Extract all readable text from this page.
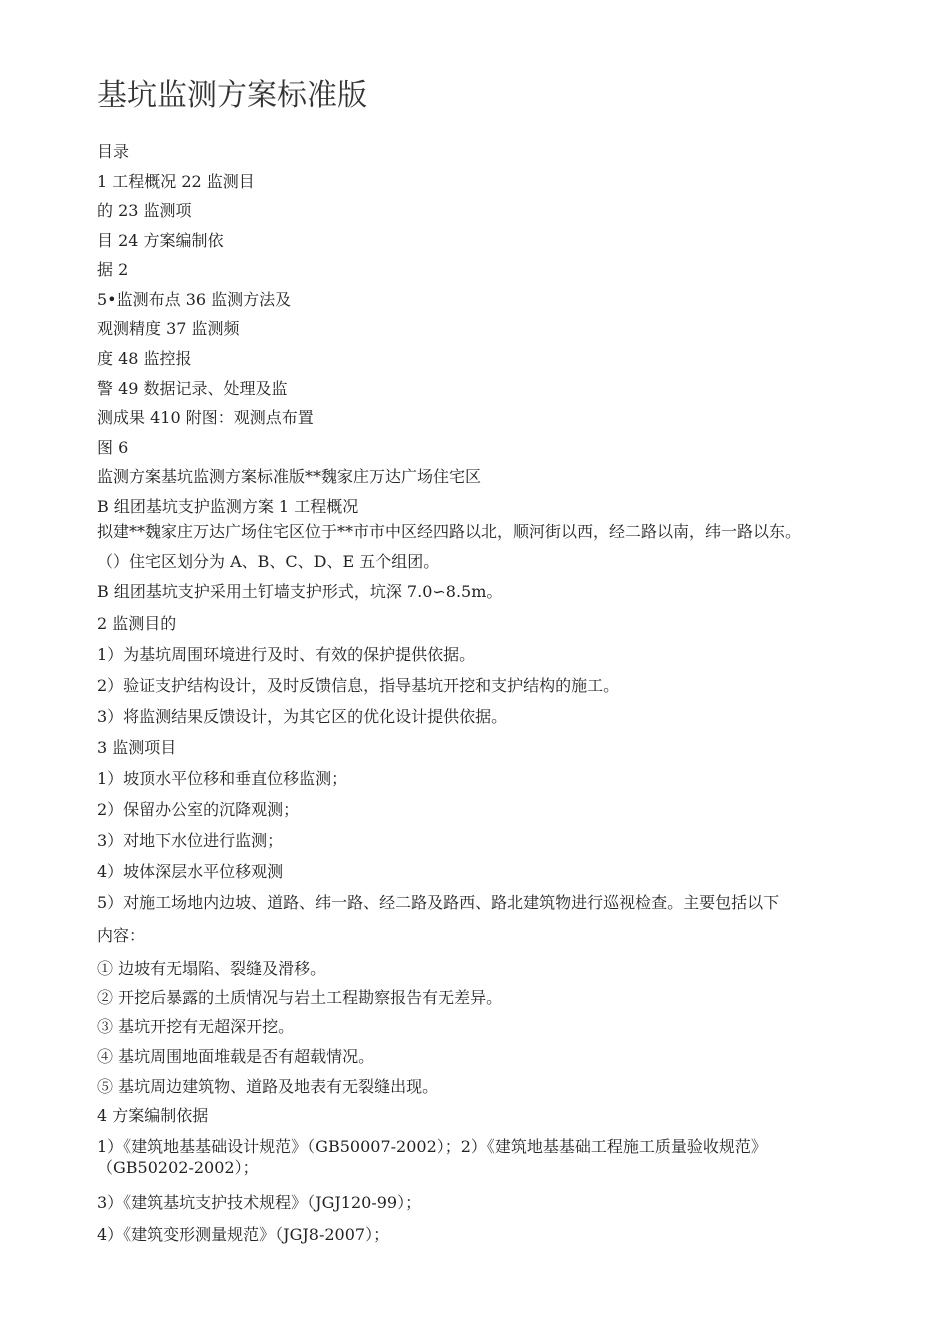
基坑监测方案标准版
目录
1 工程概况 22 监测目
的 23 监测项
目 24 方案编制依
据 2
5•监测布点 36 监测方法及
观测精度 37 监测频
度 48 监控报
警 49 数据记录、处理及监
测成果 410 附图：观测点布置
图 6
监测方案基坑监测方案标准版**魏家庄万达广场住宅区
B 组团基坑支护监测方案 1 工程概况
拟建**魏家庄万达广场住宅区位于**市市中区经四路以北，顺河街以西，经二路以南，纬一路以东。
（）住宅区划分为 A、B、C、D、E 五个组团。
B 组团基坑支护采用土钉墙支护形式，坑深 7.0∽8.5m。
2 监测目的
1）为基坑周围环境进行及时、有效的保护提供依据。
2）验证支护结构设计，及时反馈信息，指导基坑开挖和支护结构的施工。
3）将监测结果反馈设计，为其它区的优化设计提供依据。
3 监测项目
1）坡顶水平位移和垂直位移监测；
2）保留办公室的沉降观测；
3）对地下水位进行监测；
4）坡体深层水平位移观测
5）对施工场地内边坡、道路、纬一路、经二路及路西、路北建筑物进行巡视检查。主要包括以下
内容：
① 边坡有无塌陷、裂缝及滑移。
② 开挖后暴露的土质情况与岩土工程勘察报告有无差异。
③ 基坑开挖有无超深开挖。
④ 基坑周围地面堆载是否有超载情况。
⑤ 基坑周边建筑物、道路及地表有无裂缝出现。
4 方案编制依据
1）《建筑地基基础设计规范》（GB50007-2002）；2）《建筑地基基础工程施工质量验收规范》
（GB50202-2002）；
3）《建筑基坑支护技术规程》（JGJ120-99）；
4）《建筑变形测量规范》（JGJ8-2007）；
